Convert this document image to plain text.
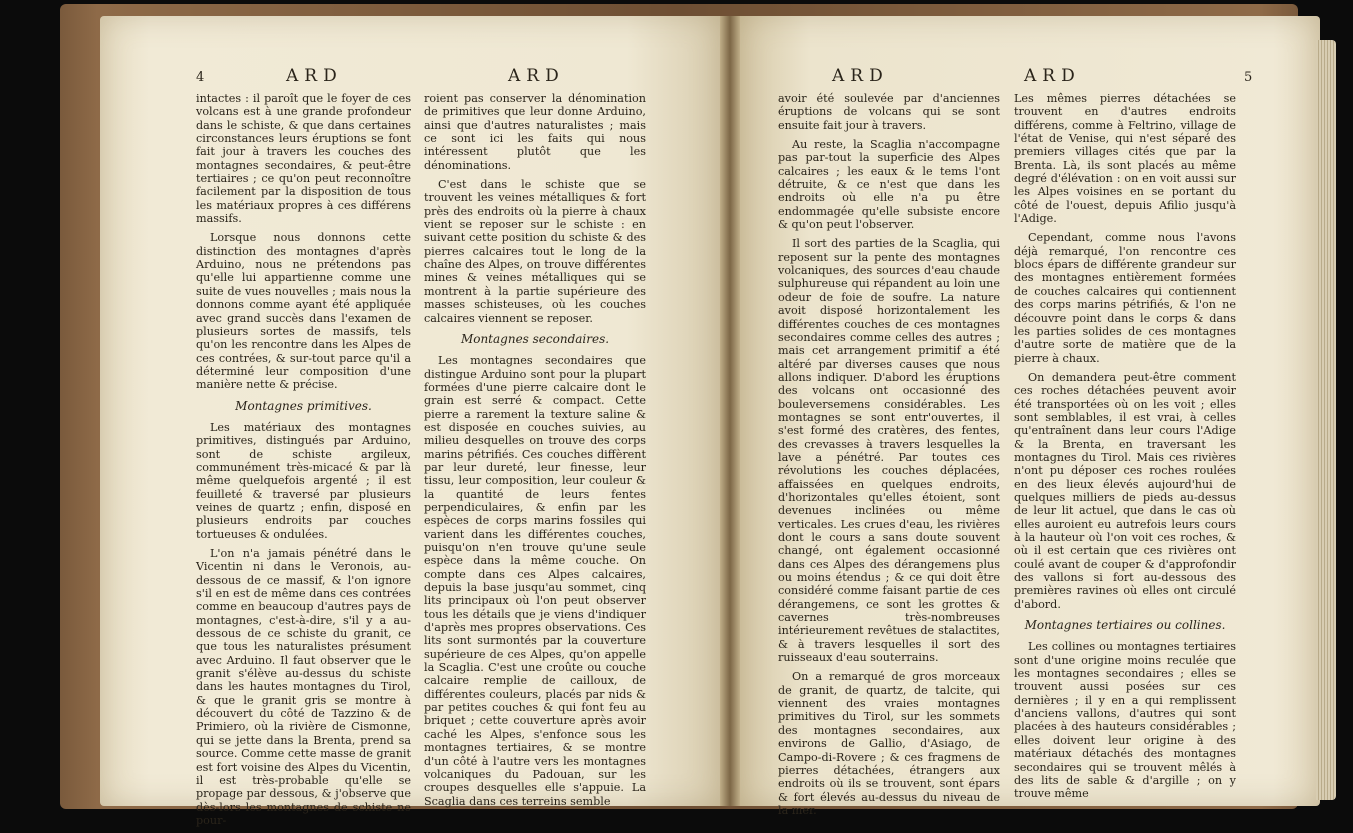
4	ARD	ARD

intactes : il paroît que le foyer de ces volcans est à une grande profondeur dans le schiste, & que dans certaines circonstances leurs éruptions se font fait jour à travers les couches des montagnes secondaires, & peut-être tertiaires ; ce qu'on peut reconnoître facilement par la disposition de tous les matériaux propres à ces différens massifs.

Lorsque nous donnons cette distinction des montagnes d'après Arduino, nous ne prétendons pas qu'elle lui appartienne comme une suite de vues nouvelles ; mais nous la donnons comme ayant été appliquée avec grand succès dans l'examen de plusieurs sortes de massifs, tels qu'on les rencontre dans les Alpes de ces contrées, & sur-tout parce qu'il a déterminé leur composition d'une manière nette & précise.

Montagnes primitives.

Les matériaux des montagnes primitives, distingués par Arduino, sont de schiste argileux, communément très-micacé & par là même quelquefois argenté ; il est feuilleté & traversé par plusieurs veines de quartz ; enfin, disposé en plusieurs endroits par couches tortueuses & ondulées.

L'on n'a jamais pénétré dans le Vicentin ni dans le Veronois, au-dessous de ce massif, & l'on ignore s'il en est de même dans ces contrées comme en beaucoup d'autres pays de montagnes, c'est-à-dire, s'il y a au-dessous de ce schiste du granit, ce que tous les naturalistes présument avec Arduino. Il faut observer que le granit s'élève au-dessus du schiste dans les hautes montagnes du Tirol, & que le granit gris se montre à découvert du côté de Tazzino & de Primiero, où la rivière de Cismonne, qui se jette dans la Brenta, prend sa source. Comme cette masse de granit est fort voisine des Alpes du Vicentin, il est très-probable qu'elle se propage par dessous, & j'observe que dès-lors les montagnes de schiste ne pour-

roient pas conserver la dénomination de primitives que leur donne Arduino, ainsi que d'autres naturalistes ; mais ce sont ici les faits qui nous intéressent plutôt que les dénominations.

C'est dans le schiste que se trouvent les veines métalliques & fort près des endroits où la pierre à chaux vient se reposer sur le schiste : en suivant cette position du schiste & des pierres calcaires tout le long de la chaîne des Alpes, on trouve différentes mines & veines métalliques qui se montrent à la partie supérieure des masses schisteuses, où les couches calcaires viennent se reposer.

Montagnes secondaires.

Les montagnes secondaires que distingue Arduino sont pour la plupart formées d'une pierre calcaire dont le grain est serré & compact. Cette pierre a rarement la texture saline & est disposée en couches suivies, au milieu desquelles on trouve des corps marins pétrifiés. Ces couches diffèrent par leur dureté, leur finesse, leur tissu, leur composition, leur couleur & la quantité de leurs fentes perpendiculaires, & enfin par les espèces de corps marins fossiles qui varient dans les différentes couches, puisqu'on n'en trouve qu'une seule espèce dans la même couche. On compte dans ces Alpes calcaires, depuis la base jusqu'au sommet, cinq lits principaux où l'on peut observer tous les détails que je viens d'indiquer d'après mes propres observations. Ces lits sont surmontés par la couverture supérieure de ces Alpes, qu'on appelle la Scaglia. C'est une croûte ou couche calcaire remplie de cailloux, de différentes couleurs, placés par nids & par petites couches & qui font feu au briquet ; cette couverture après avoir caché les Alpes, s'enfonce sous les montagnes tertiaires, & se montre d'un côté à l'autre vers les montagnes volcaniques du Padouan, sur les croupes desquelles elle s'appuie. La Scaglia dans ces terreins semble

ARD	ARD	5

avoir été soulevée par d'anciennes éruptions de volcans qui se sont ensuite fait jour à travers.

Au reste, la Scaglia n'accompagne pas par-tout la superficie des Alpes calcaires ; les eaux & le tems l'ont détruite, & ce n'est que dans les endroits où elle n'a pu être endommagée qu'elle subsiste encore & qu'on peut l'observer.

Il sort des parties de la Scaglia, qui reposent sur la pente des montagnes volcaniques, des sources d'eau chaude sulphureuse qui répandent au loin une odeur de foie de soufre. La nature avoit disposé horizontalement les différentes couches de ces montagnes secondaires comme celles des autres ; mais cet arrangement primitif a été altéré par diverses causes que nous allons indiquer. D'abord les éruptions des volcans ont occasionné des bouleversemens considérables. Les montagnes se sont entr'ouvertes, il s'est formé des cratères, des fentes, des crevasses à travers lesquelles la lave a pénétré. Par toutes ces révolutions les couches déplacées, affaissées en quelques endroits, d'horizontales qu'elles étoient, sont devenues inclinées ou même verticales. Les crues d'eau, les rivières dont le cours a sans doute souvent changé, ont également occasionné dans ces Alpes des dérangemens plus ou moins étendus ; & ce qui doit être considéré comme faisant partie de ces dérangemens, ce sont les grottes & cavernes très-nombreuses intérieurement revêtues de stalactites, & à travers lesquelles il sort des ruisseaux d'eau souterrains.

On a remarqué de gros morceaux de granit, de quartz, de talcite, qui viennent des vraies montagnes primitives du Tirol, sur les sommets des montagnes secondaires, aux environs de Gallio, d'Asiago, de Campo-di-Rovere ; & ces fragmens de pierres détachées, étrangers aux endroits où ils se trouvent, sont épars & fort élevés au-dessus du niveau de la mer.

Les mêmes pierres détachées se trouvent en d'autres endroits différens, comme à Feltrino, village de l'état de Venise, qui n'est séparé des premiers villages cités que par la Brenta. Là, ils sont placés au même degré d'élévation : on en voit aussi sur les Alpes voisines en se portant du côté de l'ouest, depuis Afilio jusqu'à l'Adige.

Cependant, comme nous l'avons déjà remarqué, l'on rencontre ces blocs épars de différente grandeur sur des montagnes entièrement formées de couches calcaires qui contiennent des corps marins pétrifiés, & l'on ne découvre point dans le corps & dans les parties solides de ces montagnes d'autre sorte de matière que de la pierre à chaux.

On demandera peut-être comment ces roches détachées peuvent avoir été transportées où on les voit ; elles sont semblables, il est vrai, à celles qu'entraînent dans leur cours l'Adige & la Brenta, en traversant les montagnes du Tirol. Mais ces rivières n'ont pu déposer ces roches roulées en des lieux élevés aujourd'hui de quelques milliers de pieds au-dessus de leur lit actuel, que dans le cas où elles auroient eu autrefois leurs cours à la hauteur où l'on voit ces roches, & où il est certain que ces rivières ont coulé avant de couper & d'approfondir des vallons si fort au-dessous des premières ravines où elles ont circulé d'abord.

Montagnes tertiaires ou collines.

Les collines ou montagnes tertiaires sont d'une origine moins reculée que les montagnes secondaires ; elles se trouvent aussi posées sur ces dernières ; il y en a qui remplissent d'anciens vallons, d'autres qui sont placées à des hauteurs considérables ; elles doivent leur origine à des matériaux détachés des montagnes secondaires qui se trouvent mêlés à des lits de sable & d'argille ; on y trouve même
